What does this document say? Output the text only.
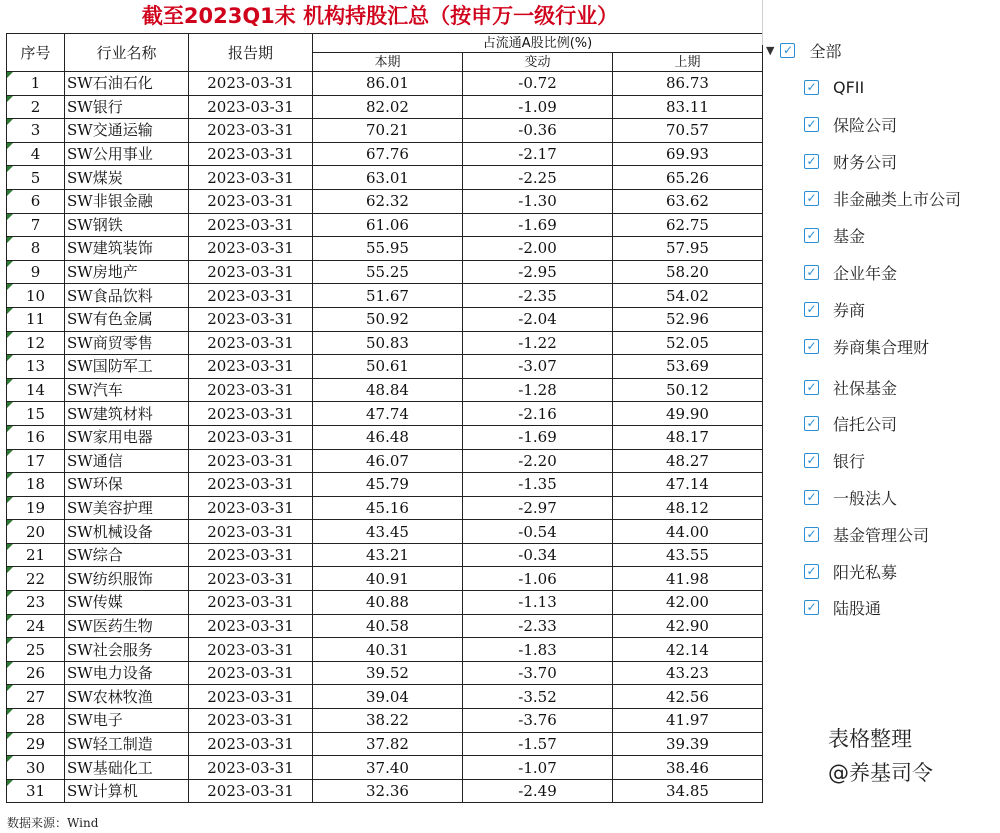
截至2023Q1末 机构持股汇总（按申万一级行业）
序号	行业名称	报告期	占流通A股比例(%)		
			本期	变动	上期
1	SW石油石化	2023-03-31	86.01	-0.72	86.73
2	SW银行	2023-03-31	82.02	-1.09	83.11
3	SW交通运输	2023-03-31	70.21	-0.36	70.57
4	SW公用事业	2023-03-31	67.76	-2.17	69.93
5	SW煤炭	2023-03-31	63.01	-2.25	65.26
6	SW非银金融	2023-03-31	62.32	-1.30	63.62
7	SW钢铁	2023-03-31	61.06	-1.69	62.75
8	SW建筑装饰	2023-03-31	55.95	-2.00	57.95
9	SW房地产	2023-03-31	55.25	-2.95	58.20
10	SW食品饮料	2023-03-31	51.67	-2.35	54.02
11	SW有色金属	2023-03-31	50.92	-2.04	52.96
12	SW商贸零售	2023-03-31	50.83	-1.22	52.05
13	SW国防军工	2023-03-31	50.61	-3.07	53.69
14	SW汽车	2023-03-31	48.84	-1.28	50.12
15	SW建筑材料	2023-03-31	47.74	-2.16	49.90
16	SW家用电器	2023-03-31	46.48	-1.69	48.17
17	SW通信	2023-03-31	46.07	-2.20	48.27
18	SW环保	2023-03-31	45.79	-1.35	47.14
19	SW美容护理	2023-03-31	45.16	-2.97	48.12
20	SW机械设备	2023-03-31	43.45	-0.54	44.00
21	SW综合	2023-03-31	43.21	-0.34	43.55
22	SW纺织服饰	2023-03-31	40.91	-1.06	41.98
23	SW传媒	2023-03-31	40.88	-1.13	42.00
24	SW医药生物	2023-03-31	40.58	-2.33	42.90
25	SW社会服务	2023-03-31	40.31	-1.83	42.14
26	SW电力设备	2023-03-31	39.52	-3.70	43.23
27	SW农林牧渔	2023-03-31	39.04	-3.52	42.56
28	SW电子	2023-03-31	38.22	-3.76	41.97
29	SW轻工制造	2023-03-31	37.82	-1.57	39.39
30	SW基础化工	2023-03-31	37.40	-1.07	38.46
31	SW计算机	2023-03-31	32.36	-2.49	34.85
数据来源：Wind
▼ ✓ 全部
✓ QFII
✓ 保险公司
✓ 财务公司
✓ 非金融类上市公司
✓ 基金
✓ 企业年金
✓ 券商
✓ 券商集合理财
✓ 社保基金
✓ 信托公司
✓ 银行
✓ 一般法人
✓ 基金管理公司
✓ 阳光私募
✓ 陆股通
表格整理
@养基司令
